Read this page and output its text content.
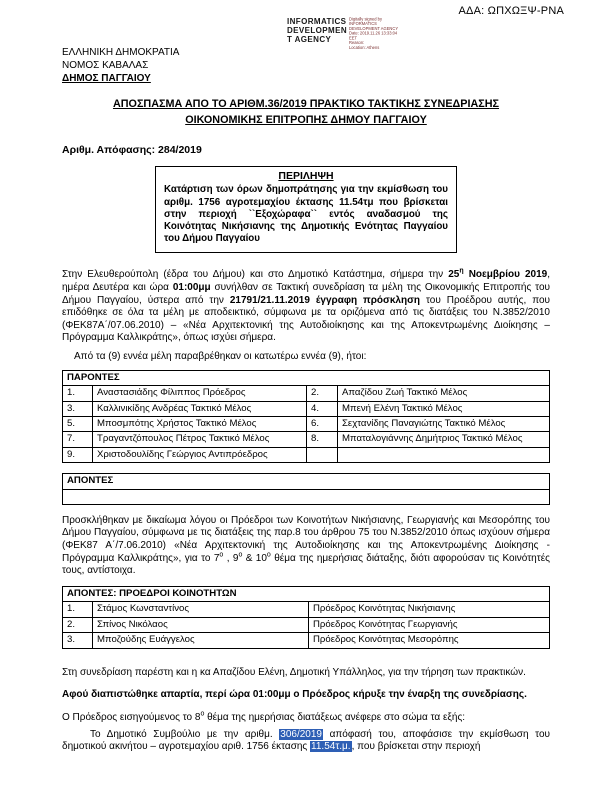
ΑΔΑ: ΩΠΧΩΞΨ-ΡΝΑ
INFORMATICS
DEVELOPMEN
T AGENCY
Digitally signed by
INFORMATICS
DEVELOPMENT AGENCY
Date: 2019.11.26 13:33:04
EET
Reason:
Location: Athens
ΕΛΛΗΝΙΚΗ ΔΗΜΟΚΡΑΤΙΑ
ΝΟΜΟΣ ΚΑΒΑΛΑΣ
ΔΗΜΟΣ ΠΑΓΓΑΙΟΥ
ΑΠΟΣΠΑΣΜΑ ΑΠΟ ΤΟ ΑΡΙΘΜ.36/2019 ΠΡΑΚΤΙΚΟ ΤΑΚΤΙΚΗΣ ΣΥΝΕΔΡΙΑΣΗΣ
ΟΙΚΟΝΟΜΙΚΗΣ ΕΠΙΤΡΟΠΗΣ ΔΗΜΟΥ ΠΑΓΓΑΙΟΥ
Αριθμ. Απόφασης: 284/2019
ΠΕΡΙΛΗΨΗ
Κατάρτιση των όρων δημοπράτησης για την εκμίσθωση του αριθμ. 1756 αγροτεμαχίου έκτασης 11.54τμ που βρίσκεται στην περιοχή ``Εξοχώραφα`` εντός αναδασμού της Κοινότητας Νικήσιανης της Δημοτικής Ενότητας Παγγαίου του Δήμου Παγγαίου

Στην Ελευθερούπολη (έδρα του Δήμου) και στο Δημοτικό Κατάστημα, σήμερα την $25^\eta$ Νοεμβρίου 2019, ημέρα Δευτέρα και ώρα 01:00μμ συνήλθαν σε Τακτική συνεδρίαση τα μέλη της Οικονομικής Επιτροπής του Δήμου Παγγαίου, ύστερα από την 21791/21.11.2019 έγγραφη πρόσκληση του Προέδρου αυτής, που επιδόθηκε σε όλα τα μέλη με αποδεικτικό, σύμφωνα με τα οριζόμενα από τις διατάξεις του Ν.3852/2010 (ΦΕΚ87Α΄/07.06.2010) – «Νέα Αρχιτεκτονική της Αυτοδιοίκησης και της Αποκεντρωμένης Διοίκησης – Πρόγραμμα Καλλικράτης», όπως ισχύει σήμερα.

Από τα (9) εννέα μέλη παραβρέθηκαν οι κατωτέρω εννέα (9), ήτοι:

ΠΑΡΟΝΤΕΣ			
1.	Αναστασιάδης Φίλιππος Πρόεδρος	2.	Απαζίδου Ζωή Τακτικό Μέλος
3.	Καλλινικίδης Ανδρέας Τακτικό Μέλος	4.	Μπενή Ελένη Τακτικό Μέλος
5.	Μποσμπότης Χρήστος Τακτικό Μέλος	6.	Σεχτανίδης Παναγιώτης Τακτικό Μέλος
7.	Τραγαντζόπουλος Πέτρος Τακτικό Μέλος	8.	Μπαταλογιάννης Δημήτριος Τακτικό Μέλος
9.	Χριστοδουλίδης Γεώργιος Αντιπρόεδρος		
ΑΠΟΝΤΕΣ

Προσκλήθηκαν με δικαίωμα λόγου οι Πρόεδροι των Κοινοτήτων Νικήσιανης, Γεωργιανής και Μεσορόπης του Δήμου Παγγαίου, σύμφωνα με τις διατάξεις της παρ.8 του άρθρου 75 του Ν.3852/2010 όπως ισχύουν σήμερα (ΦΕΚ87 Α΄/7.06.2010) «Νέα Αρχιτεκτονική της Αυτοδιοίκησης και της Αποκεντρωμένης Διοίκησης - Πρόγραμμα Καλλικράτης», για το $7^o$ , $9^o$ & $10^o$ θέμα της ημερήσιας διάταξης, διότι αφορούσαν τις Κοινότητές τους, αντίστοιχα.

ΑΠΟΝΤΕΣ: ΠΡΟΕΔΡΟΙ ΚΟΙΝΟΤΗΤΩΝ		
1.	Στάμος Κωνσταντίνος	Πρόεδρος Κοινότητας Νικήσιανης
2.	Σπίνος Νικόλαος	Πρόεδρος Κοινότητας Γεωργιανής
3.	Μποζούδης Ευάγγελος	Πρόεδρος Κοινότητας Μεσορόπης

Στη συνεδρίαση παρέστη και η κα Απαζίδου Ελένη, Δημοτική Υπάλληλος, για την τήρηση των πρακτικών.

Αφού διαπιστώθηκε απαρτία, περί ώρα 01:00μμ ο Πρόεδρος κήρυξε την έναρξη της συνεδρίασης.

Ο Πρόεδρος εισηγούμενος το $8^o$ θέμα της ημερήσιας διατάξεως ανέφερε στο σώμα τα εξής:

Το Δημοτικό Συμβούλιο με την αριθμ. 306/2019 απόφασή του, αποφάσισε την εκμίσθωση του δημοτικού ακινήτου – αγροτεμαχίου αριθ. 1756 έκτασης 11.54τ.μ., που βρίσκεται στην περιοχή
